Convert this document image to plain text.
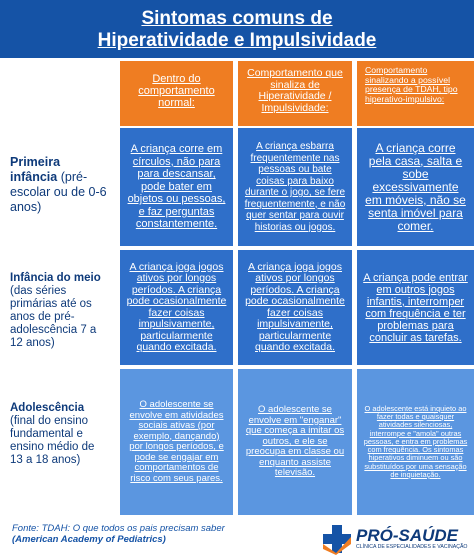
Sintomas comuns de
Hiperatividade e Impulsividade
Dentro do comportamento normal:
Comportamento que sinaliza de Hiperatividade / Impulsividade:
Comportamento sinalizando a possível presença de TDAH, tipo hiperativo-impulsivo:
Primeira infância (pré-escolar ou de 0-6 anos)
A criança corre em círculos, não para para descansar, pode bater em objetos ou pessoas, e faz perguntas constantemente.
A criança esbarra frequentemente nas pessoas ou bate coisas para baixo durante o jogo, se fere frequentemente, e não quer sentar para ouvir historias ou jogos.
A criança corre pela casa, salta e sobe excessivamente em móveis, não se senta imóvel para comer.
Infância do meio (das séries primárias até os anos de pré-adolescência 7 a 12 anos)
A criança joga jogos ativos por longos períodos. A criança pode ocasionalmente fazer coisas impulsivamente, particularmente quando excitada.
A criança joga jogos ativos por longos períodos. A criança pode ocasionalmente fazer coisas impulsivamente, particularmente quando excitada.
A criança pode entrar em outros jogos infantis, interromper com frequência e ter problemas para concluir as tarefas.
Adolescência (final do ensino fundamental e ensino médio de 13 a 18 anos)
O adolescente se envolve em atividades sociais ativas (por exemplo, dançando) por longos períodos, e pode se engajar em comportamentos de risco com seus pares.
O adolescente se envolve em "enganar" que começa a imitar os outros, e ele se preocupa em classe ou enquanto assiste televisão.
O adolescente está inquieto ao fazer todas e quaisquer atividades silenciosas, interrompe e "amola" outras pessoas, e entra em problemas com frequência. Os sintomas hiperativos diminuem ou são substituídos por uma sensação de inquietação.
Fonte: TDAH: O que todos os pais precisam saber
(American Academy of Pediatrics)	PRÓ-SAÚDE
CLÍNICA DE ESPECIALIDADES E VACINAÇÃO
